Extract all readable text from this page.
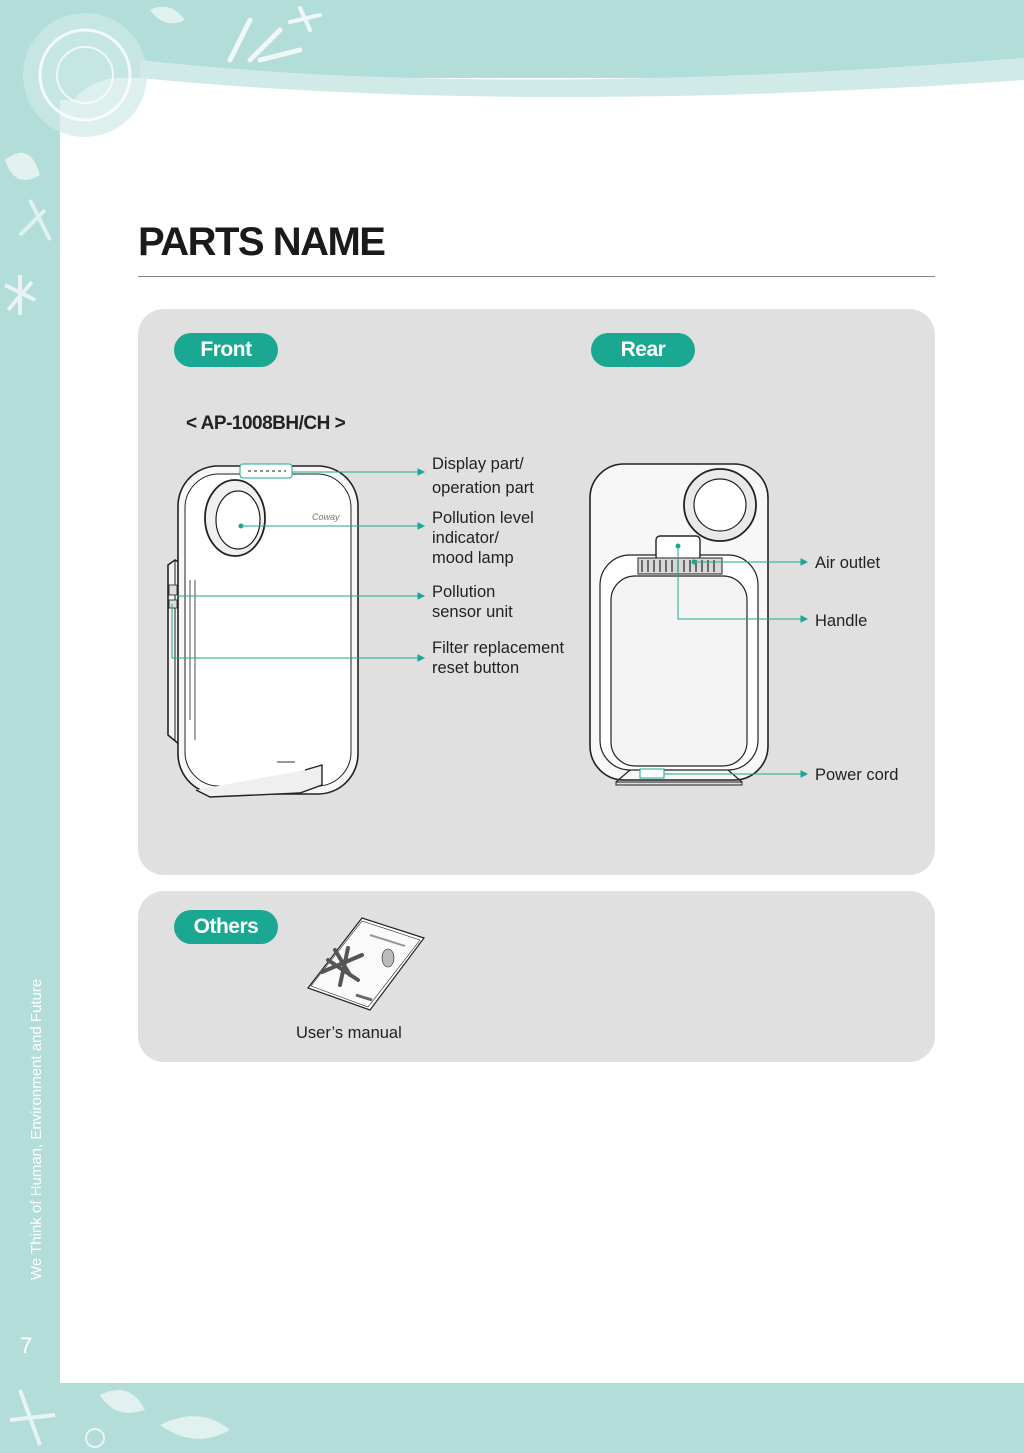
We Think of Human, Environment and Future
7
PARTS NAME
Front	Rear
< AP-1008BH/CH >
Coway
Display part/
operation part
Pollution level
indicator/
mood lamp
Pollution
sensor unit
Filter replacement
reset button
Air outlet
Handle
Power cord
Others
User’s manual
